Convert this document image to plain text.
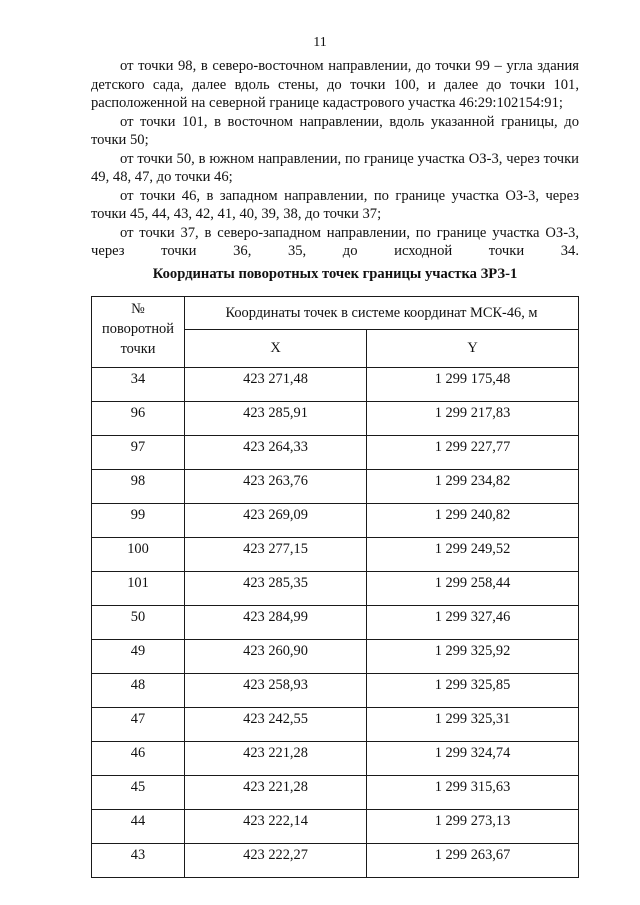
11

от точки 98, в северо-восточном направлении, до точки 99 – угла здания детского сада, далее вдоль стены, до точки 100, и далее до точки 101, расположенной на северной границе кадастрового участка 46:29:102154:91;

от точки 101, в восточном направлении, вдоль указанной границы, до точки 50;

от точки 50, в южном направлении, по границе участка ОЗ-3, через точки 49, 48, 47, до точки 46;

от точки 46, в западном направлении, по границе участка ОЗ-3, через точки 45, 44, 43, 42, 41, 40, 39, 38, до точки 37;

от точки 37, в северо-западном направлении, по границе участка ОЗ-3, через точки 36, 35, до исходной точки 34.

Координаты поворотных точек границы участка ЗРЗ-1
№
поворотной
точки	Координаты точек в системе координат МСК-46, м	
	X	Y
34	423 271,48	1 299 175,48
96	423 285,91	1 299 217,83
97	423 264,33	1 299 227,77
98	423 263,76	1 299 234,82
99	423 269,09	1 299 240,82
100	423 277,15	1 299 249,52
101	423 285,35	1 299 258,44
50	423 284,99	1 299 327,46
49	423 260,90	1 299 325,92
48	423 258,93	1 299 325,85
47	423 242,55	1 299 325,31
46	423 221,28	1 299 324,74
45	423 221,28	1 299 315,63
44	423 222,14	1 299 273,13
43	423 222,27	1 299 263,67
